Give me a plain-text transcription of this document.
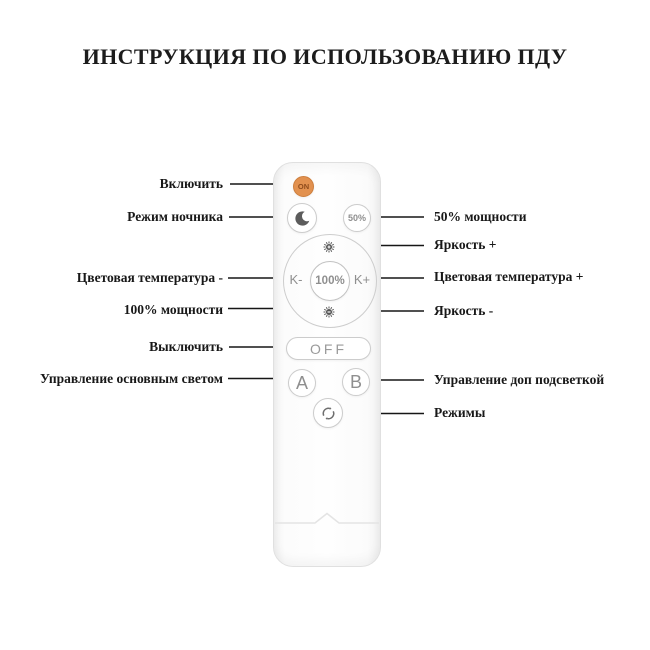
ИНСТРУКЦИЯ ПО ИСПОЛЬЗОВАНИЮ ПДУ
Включить
Режим ночника
Цветовая температура -
100% мощности
Выключить
Управление основным светом
50% мощности
Яркость +
Цветовая температура +
Яркость -
Управление доп подсветкой
Режимы
ON
50%
K-	K+
100%
OFF
A	B
